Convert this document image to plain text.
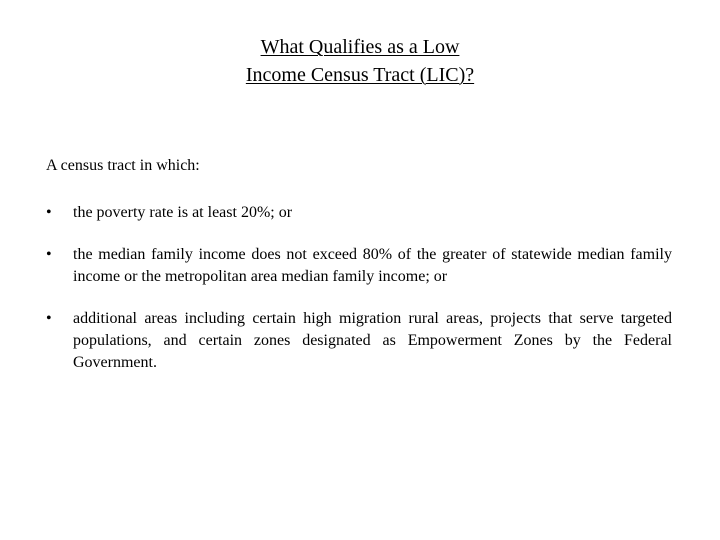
What Qualifies as a Low
Income Census Tract (LIC)?
A census tract in which:
• the poverty rate is at least 20%; or
• the median family income does not exceed 80% of the greater of statewide median family income or the metropolitan area median family income; or
• additional areas including certain high migration rural areas, projects that serve targeted populations, and certain zones designated as Empowerment Zones by the Federal Government.
